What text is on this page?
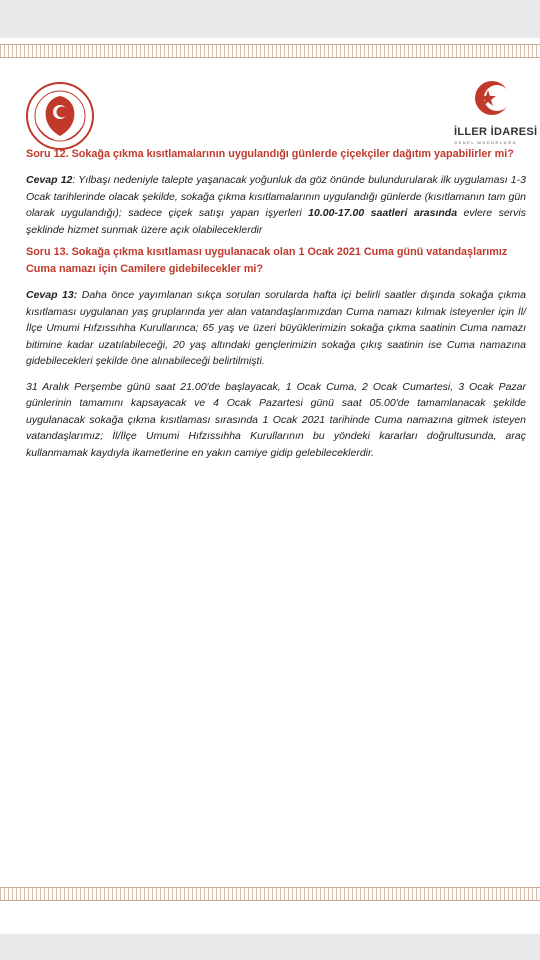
İLLER İDARESİ
GENEL MÜDÜRLÜĞÜ

Soru 12. Sokağa çıkma kısıtlamalarının uygulandığı günlerde çiçekçiler dağıtım yapabilirler mi?

Cevap 12: Yılbaşı nedeniyle talepte yaşanacak yoğunluk da göz önünde bulundurularak ilk uygulaması 1-3 Ocak tarihlerinde olacak şekilde, sokağa çıkma kısıtlamalarının uygulandığı günlerde (kısıtlamanın tam gün olarak uygulandığı); sadece çiçek satışı yapan işyerleri 10.00-17.00 saatleri arasında evlere servis şeklinde hizmet sunmak üzere açık olabileceklerdir

Soru 13. Sokağa çıkma kısıtlaması uygulanacak olan 1 Ocak 2021 Cuma günü vatandaşlarımız Cuma namazı için Camilere gidebilecekler mi?

Cevap 13: Daha önce yayımlanan sıkça sorulan sorularda hafta içi belirli saatler dışında sokağa çıkma kısıtlaması uygulanan yaş gruplarında yer alan vatandaşlarımızdan Cuma namazı kılmak isteyenler için İl/İlçe Umumi Hıfzıssıhha Kurullarınca; 65 yaş ve üzeri büyüklerimizin sokağa çıkma saatinin Cuma namazı bitimine kadar uzatılabileceği, 20 yaş altındaki gençlerimizin sokağa çıkış saatinin ise Cuma namazına gidebilecekleri şekilde öne alınabileceği belirtilmişti.

31 Aralık Perşembe günü saat 21.00'de başlayacak, 1 Ocak Cuma, 2 Ocak Cumartesi, 3 Ocak Pazar günlerinin tamamını kapsayacak ve 4 Ocak Pazartesi günü saat 05.00'de tamamlanacak şekilde uygulanacak sokağa çıkma kısıtlaması sırasında 1 Ocak 2021 tarihinde Cuma namazına gitmek isteyen vatandaşlarımız; İl/İlçe Umumi Hıfzıssıhha Kurullarının bu yöndeki kararları doğrultusunda, araç kullanmamak kaydıyla ikametlerine en yakın camiye gidip gelebileceklerdir.
